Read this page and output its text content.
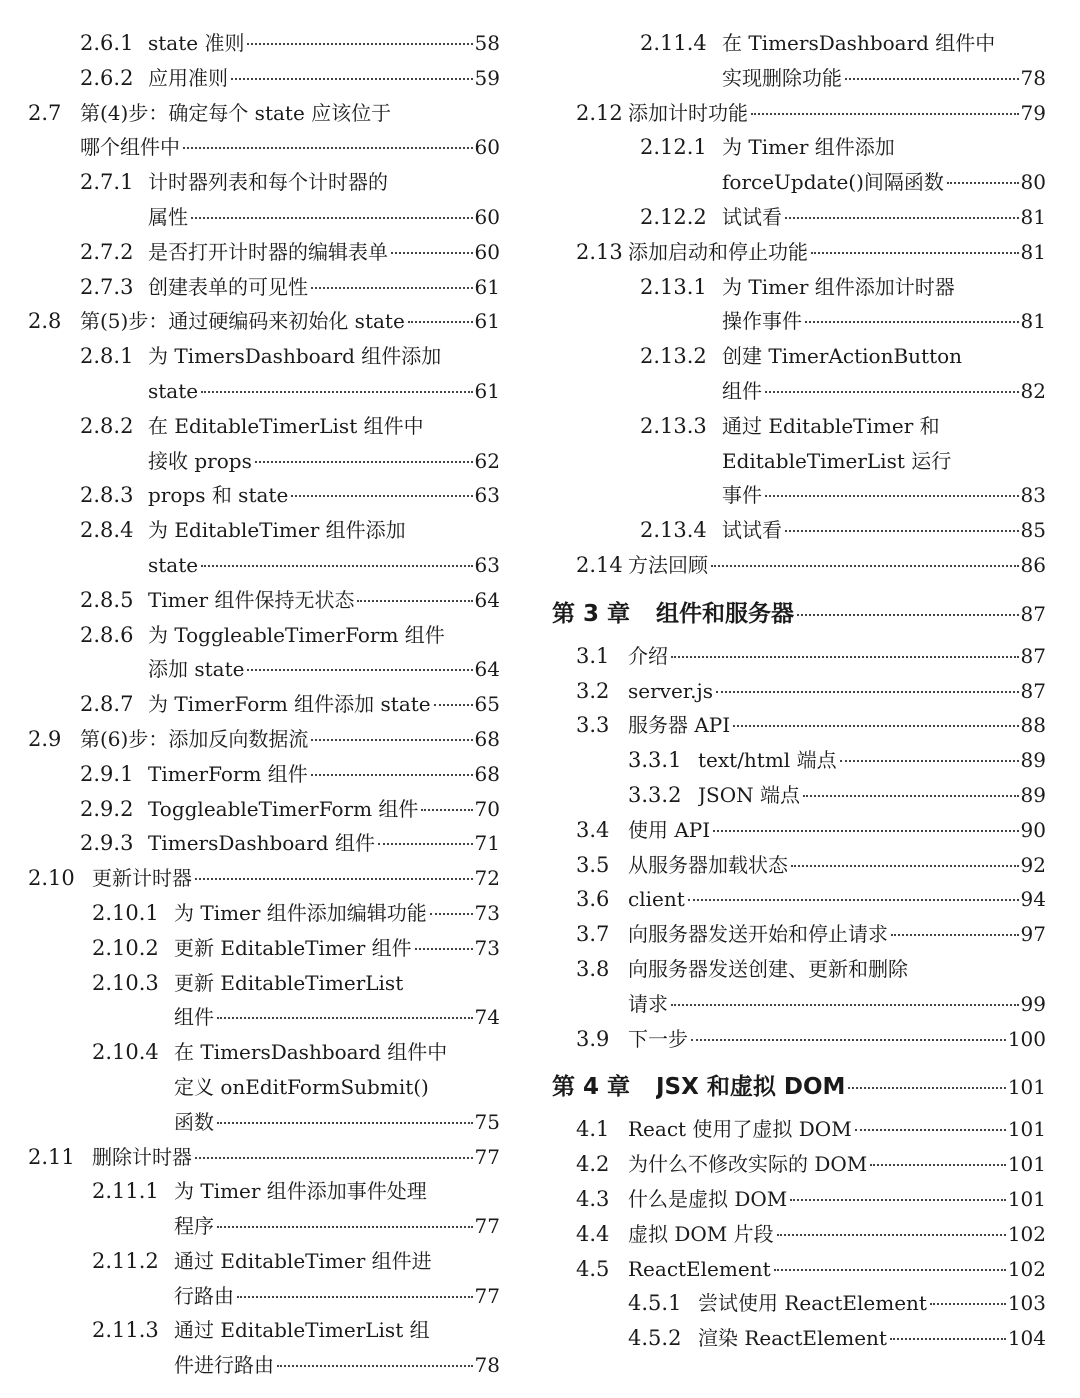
2.6.1 state 准则	58
2.6.2 应用准则	59
2.7 第(4)步：确定每个 state 应该位于
哪个组件中	60
2.7.1 计时器列表和每个计时器的
属性	60
2.7.2 是否打开计时器的编辑表单	60
2.7.3 创建表单的可见性	61
2.8 第(5)步：通过硬编码来初始化 state	61
2.8.1 为 TimersDashboard 组件添加
state	61
2.8.2 在 EditableTimerList 组件中
接收 props	62
2.8.3 props 和 state	63
2.8.4 为 EditableTimer 组件添加
state	63
2.8.5 Timer 组件保持无状态	64
2.8.6 为 ToggleableTimerForm 组件
添加 state	64
2.8.7 为 TimerForm 组件添加 state 65
2.9 第(6)步：添加反向数据流	68
2.9.1 TimerForm 组件	68
2.9.2 ToggleableTimerForm 组件	70
2.9.3 TimersDashboard 组件	71
2.10 更新计时器	72
2.10.1 为 Timer 组件添加编辑功能 73
2.10.2 更新 EditableTimer 组件	73
2.10.3 更新 EditableTimerList
组件	74
2.10.4 在 TimersDashboard 组件中
定义 onEditFormSubmit()
函数	75
2.11 删除计时器	77
2.11.1 为 Timer 组件添加事件处理
程序	77
2.11.2 通过 EditableTimer 组件进
行路由	77
2.11.3 通过 EditableTimerList 组
件进行路由	78
2.11.4 在 TimersDashboard 组件中
实现删除功能	78
2.12 添加计时功能	79
2.12.1 为 Timer 组件添加
forceUpdate()间隔函数	80
2.12.2 试试看	81
2.13 添加启动和停止功能	81
2.13.1 为 Timer 组件添加计时器
操作事件	81
2.13.2 创建 TimerActionButton
组件	82
2.13.3 通过 EditableTimer 和
EditableTimerList 运行
事件	83
2.13.4 试试看	85
2.14 方法回顾	86
第 3 章	组件和服务器	87
3.1 介绍	87
3.2 server.js	87
3.3 服务器 API	88
3.3.1 text/html 端点	89
3.3.2 JSON 端点	89
3.4 使用 API	90
3.5 从服务器加载状态	92
3.6 client	94
3.7 向服务器发送开始和停止请求	97
3.8 向服务器发送创建、更新和删除
请求	99
3.9 下一步	100
第 4 章	JSX 和虚拟 DOM	101
4.1 React 使用了虚拟 DOM	101
4.2 为什么不修改实际的 DOM	101
4.3 什么是虚拟 DOM	101
4.4 虚拟 DOM 片段	102
4.5 ReactElement	102
4.5.1 尝试使用 ReactElement	103
4.5.2 渲染 ReactElement	104
